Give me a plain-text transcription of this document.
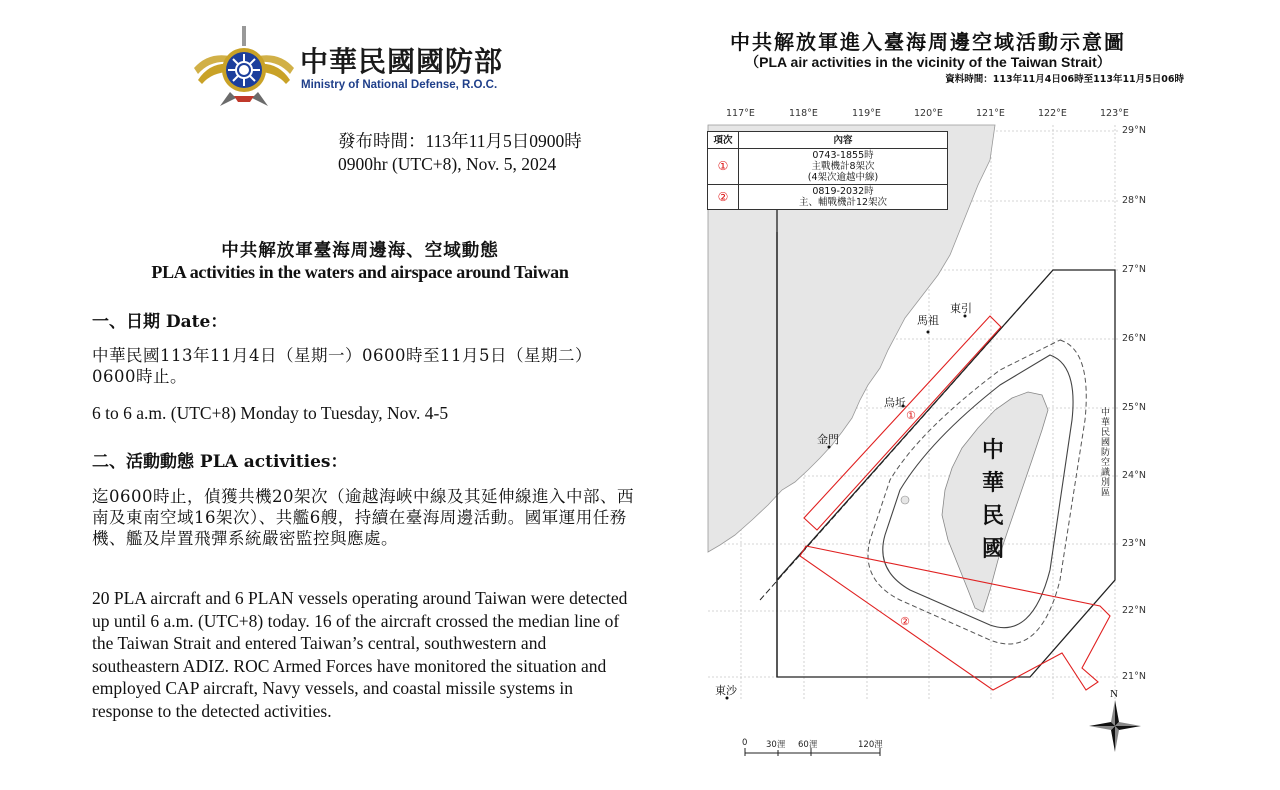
中華民國國防部
Ministry of National Defense, R.O.C.
發布時間：113年11月5日0900時
0900hr (UTC+8), Nov. 5, 2024
中共解放軍臺海周邊海、空域動態
PLA activities in the waters and airspace around Taiwan
一、日期 Date：
中華民國113年11月4日（星期一）0600時至11月5日（星期二）0600時止。
6 to 6 a.m. (UTC+8) Monday to Tuesday, Nov. 4-5
二、活動動態 PLA activities：
迄0600時止，偵獲共機20架次（逾越海峽中線及其延伸線進入中部、西南及東南空域16架次）、共艦6艘，持續在臺海周邊活動。國軍運用任務機、艦及岸置飛彈系統嚴密監控與應處。
20 PLA aircraft and 6 PLAN vessels operating around Taiwan were detected up until 6 a.m. (UTC+8) today. 16 of the aircraft crossed the median line of the Taiwan Strait and entered Taiwan’s central, southwestern and southeastern ADIZ. ROC Armed Forces have monitored the situation and employed CAP aircraft, Navy vessels, and coastal missile systems in response to the detected activities.
中共解放軍進入臺海周邊空域活動示意圖
（PLA air activities in the vicinity of the Taiwan Strait）
資料時間：113年11月4日06時至113年11月5日06時
項次	內容
①	0743-1855時
主戰機計8架次
(4架次逾越中線)

②	0819-2032時
主、輔戰機計12架次
117°E	118°E	119°E	120°E	121°E	122°E	123°E
29°N
28°N
27°N
26°N
25°N
24°N
23°N
22°N
21°N
馬祖
東引
烏坵
金門
東沙
中
華
民
國
中華民國防空識別區
①
②
0 30浬 60浬	120浬
N
